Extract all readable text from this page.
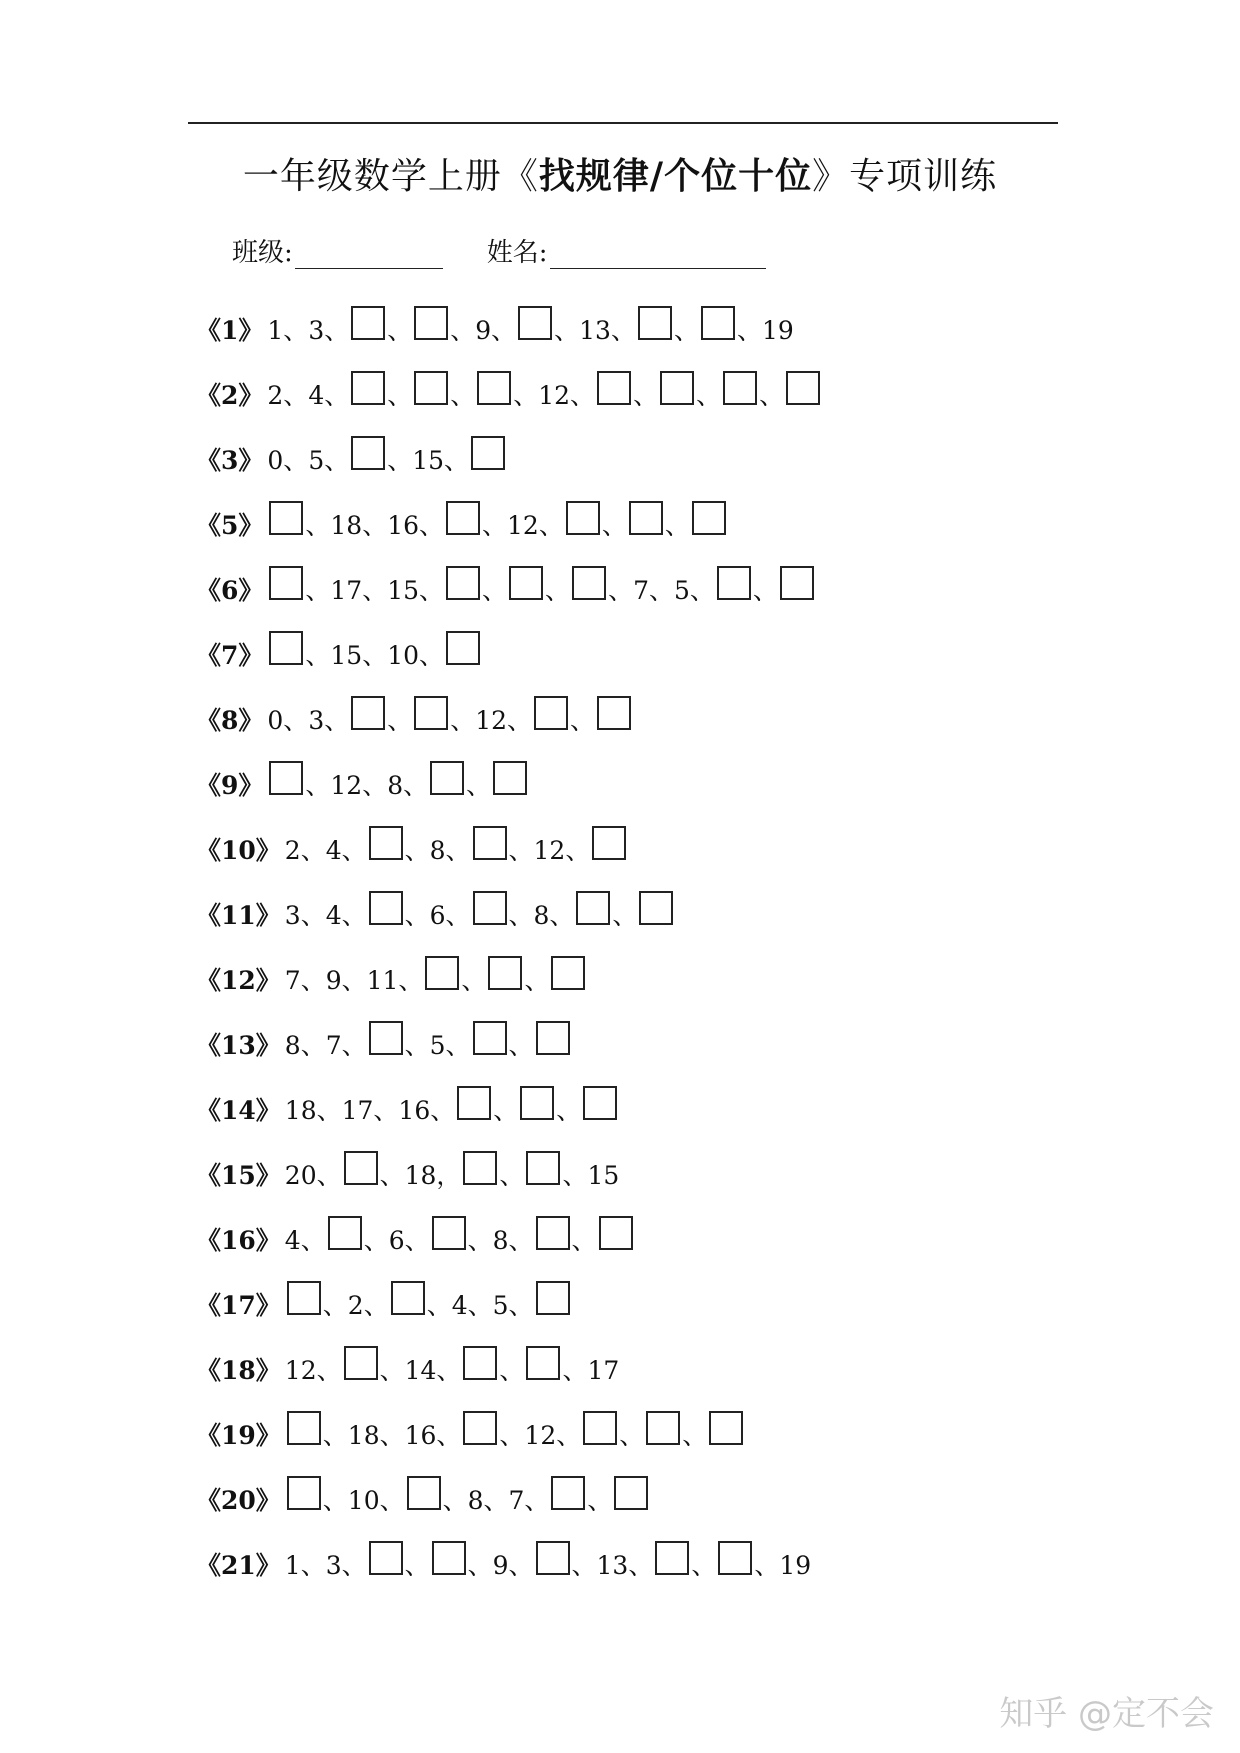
一年级数学上册《找规律/个位十位》专项训练
班级:	姓名:
《1》 1、 3、 、 、9、 、13、 、 、19
《2》 2、 4、 、 、 、12、 、 、 、
《3》 0、 5、 、15、
《5》 、18、16、 、12、 、 、
《6》 、17、15、 、 、 、7、5、 、
《7》 、15、10、
《8》 0、 3、 、 、12、 、
《9》 、12、8、 、
《10》 2、 4、 、8、 、12、
《11》 3、 4、 、6、 、8、 、
《12》 7、 9、 11、 、 、
《13》 8、 7、 、5、 、
《14》 18、 17、 16、 、 、
《15》 20、 、18， 、 、15
《16》 4、 、6、 、8、 、
《17》 、2、 、4、5、
《18》 12、 、14、 、 、17
《19》 、18、16、 、12、 、 、
《20》 、10、 、8、7、 、
《21》 1、 3、 、 、9、 、13、 、 、19
知乎 @定不会
